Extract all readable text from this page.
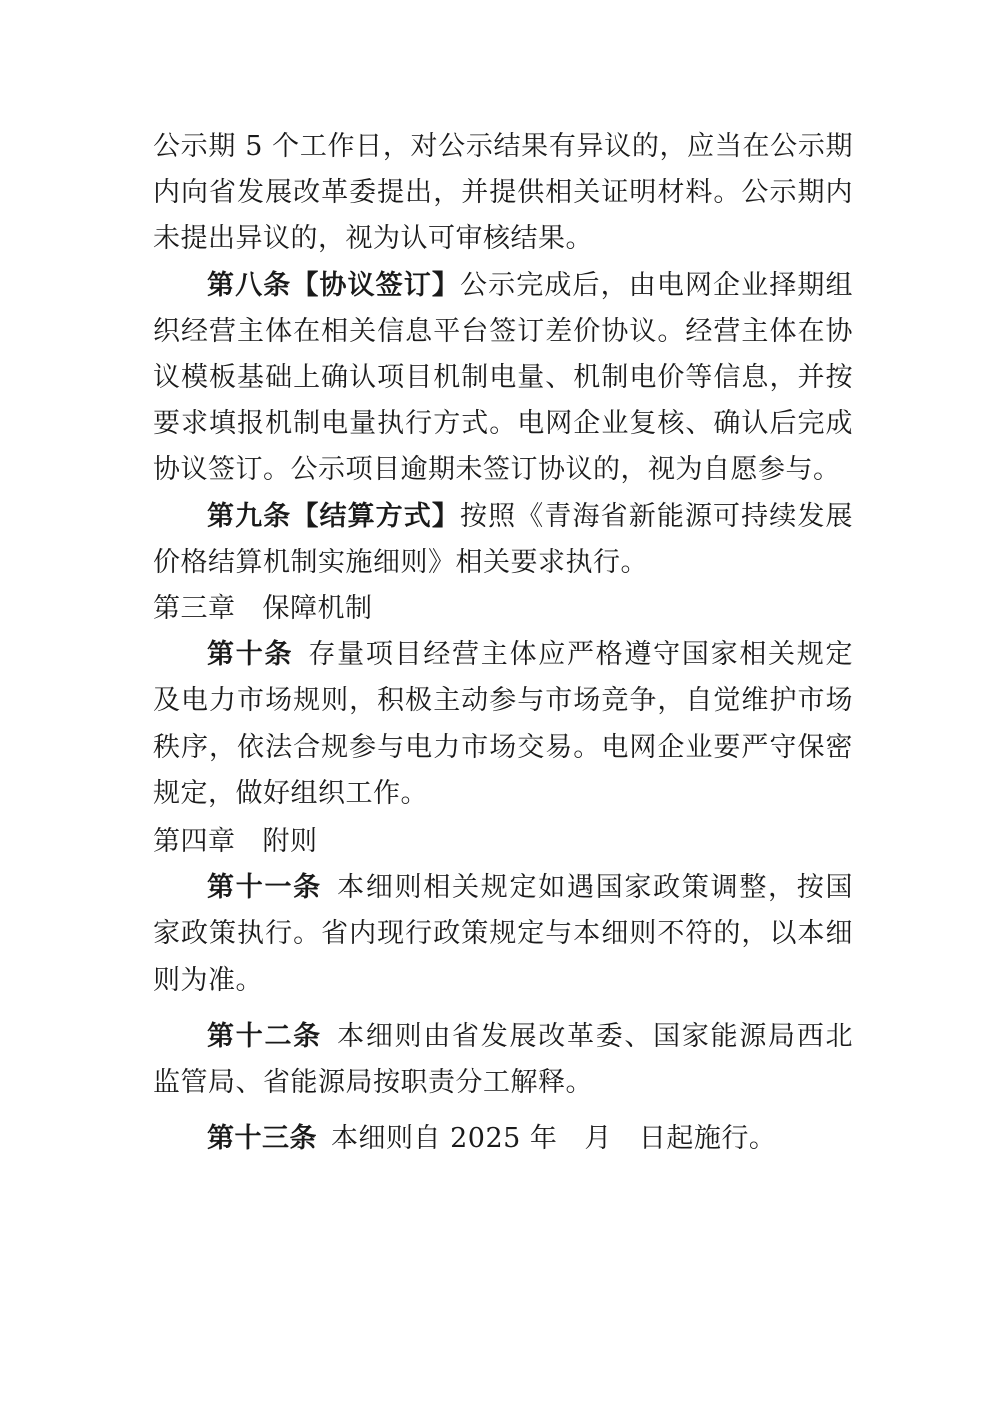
公示期 5 个工作日，对公示结果有异议的，应当在公示期内向省发展改革委提出，并提供相关证明材料。公示期内未提出异议的，视为认可审核结果。

第八条【协议签订】公示完成后，由电网企业择期组织经营主体在相关信息平台签订差价协议。经营主体在协议模板基础上确认项目机制电量、机制电价等信息，并按要求填报机制电量执行方式。电网企业复核、确认后完成协议签订。公示项目逾期未签订协议的，视为自愿参与。

第九条【结算方式】按照《青海省新能源可持续发展价格结算机制实施细则》相关要求执行。

第三章 保障机制

第十条 存量项目经营主体应严格遵守国家相关规定及电力市场规则，积极主动参与市场竞争，自觉维护市场秩序，依法合规参与电力市场交易。电网企业要严守保密规定，做好组织工作。

第四章 附则

第十一条 本细则相关规定如遇国家政策调整，按国家政策执行。省内现行政策规定与本细则不符的，以本细则为准。

第十二条 本细则由省发展改革委、国家能源局西北监管局、省能源局按职责分工解释。

第十三条 本细则自 2025 年 月 日起施行。
